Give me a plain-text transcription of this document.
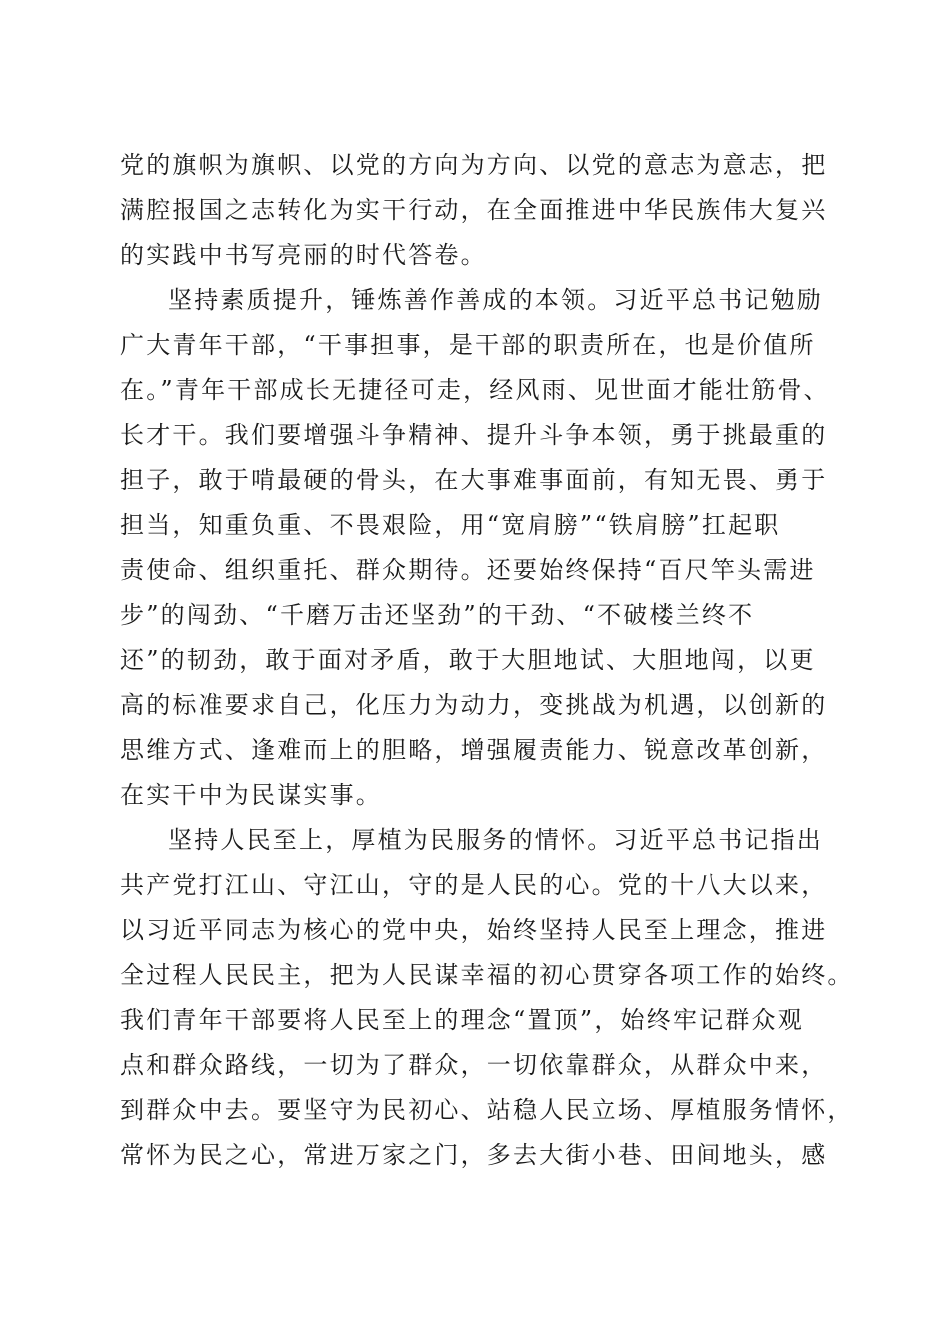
党的旗帜为旗帜、以党的方向为方向、以党的意志为意志，把
满腔报国之志转化为实干行动，在全面推进中华民族伟大复兴
的实践中书写亮丽的时代答卷。
坚持素质提升，锤炼善作善成的本领。习近平总书记勉励
广大青年干部，“干事担事，是干部的职责所在，也是价值所
在。”青年干部成长无捷径可走，经风雨、见世面才能壮筋骨、
长才干。我们要增强斗争精神、提升斗争本领，勇于挑最重的
担子，敢于啃最硬的骨头，在大事难事面前，有知无畏、勇于
担当，知重负重、不畏艰险，用“宽肩膀”“铁肩膀”扛起职
责使命、组织重托、群众期待。还要始终保持“百尺竿头需进
步”的闯劲、“千磨万击还坚劲”的干劲、“不破楼兰终不
还”的韧劲，敢于面对矛盾，敢于大胆地试、大胆地闯，以更
高的标准要求自己，化压力为动力，变挑战为机遇，以创新的
思维方式、逢难而上的胆略，增强履责能力、锐意改革创新，
在实干中为民谋实事。
坚持人民至上，厚植为民服务的情怀。习近平总书记指出
共产党打江山、守江山，守的是人民的心。党的十八大以来，
以习近平同志为核心的党中央，始终坚持人民至上理念，推进
全过程人民民主，把为人民谋幸福的初心贯穿各项工作的始终。
我们青年干部要将人民至上的理念“置顶”，始终牢记群众观
点和群众路线，一切为了群众，一切依靠群众，从群众中来，
到群众中去。要坚守为民初心、站稳人民立场、厚植服务情怀，
常怀为民之心，常进万家之门，多去大街小巷、田间地头，感
